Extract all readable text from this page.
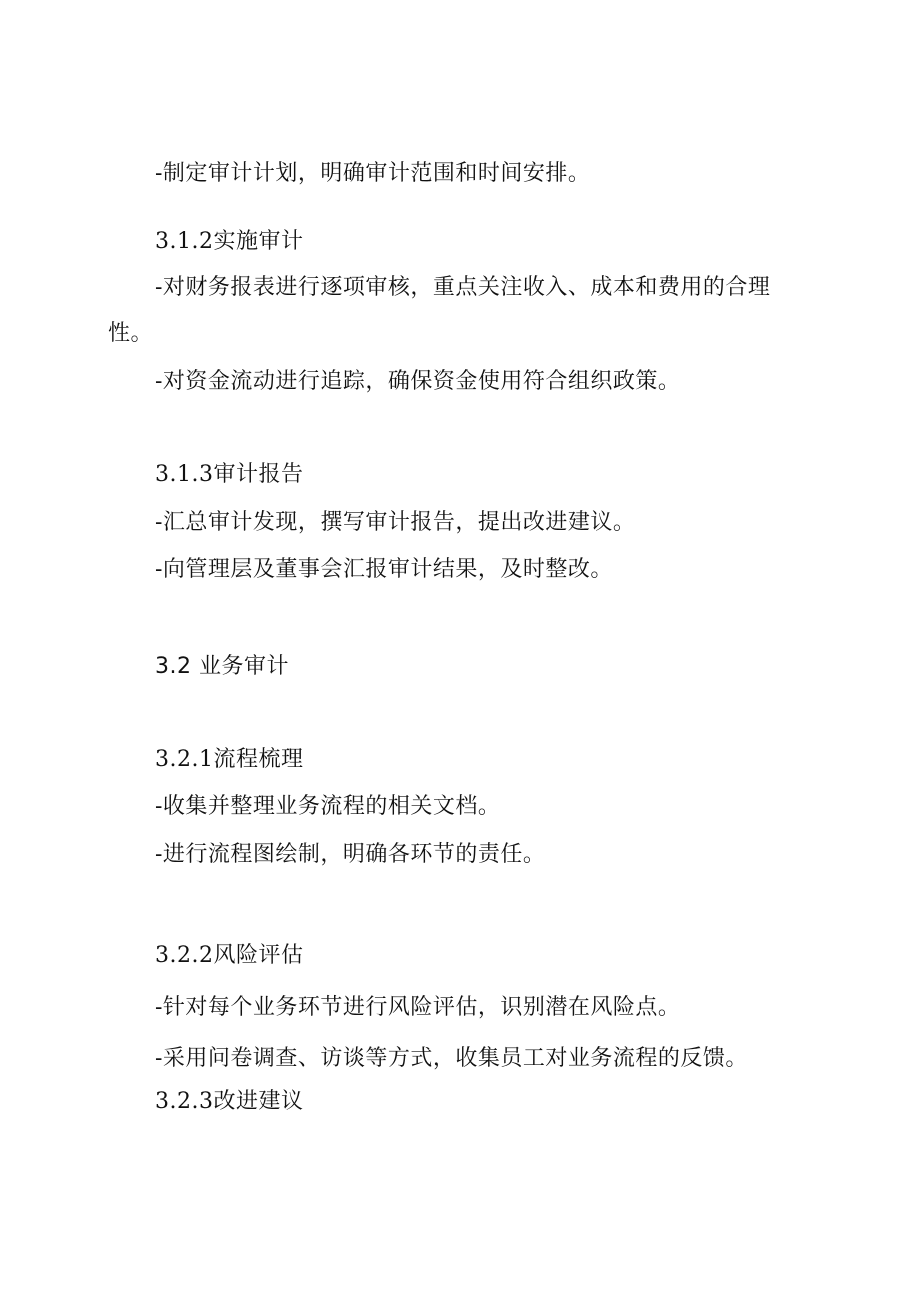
-制定审计计划，明确审计范围和时间安排。

3.1.2实施审计

-对财务报表进行逐项审核，重点关注收入、成本和费用的合理

性。

-对资金流动进行追踪，确保资金使用符合组织政策。

3.1.3审计报告

-汇总审计发现，撰写审计报告，提出改进建议。

-向管理层及董事会汇报审计结果，及时整改。

3.2 业务审计

3.2.1流程梳理

-收集并整理业务流程的相关文档。

-进行流程图绘制，明确各环节的责任。

3.2.2风险评估

-针对每个业务环节进行风险评估，识别潜在风险点。

-采用问卷调查、访谈等方式，收集员工对业务流程的反馈。

3.2.3改进建议
